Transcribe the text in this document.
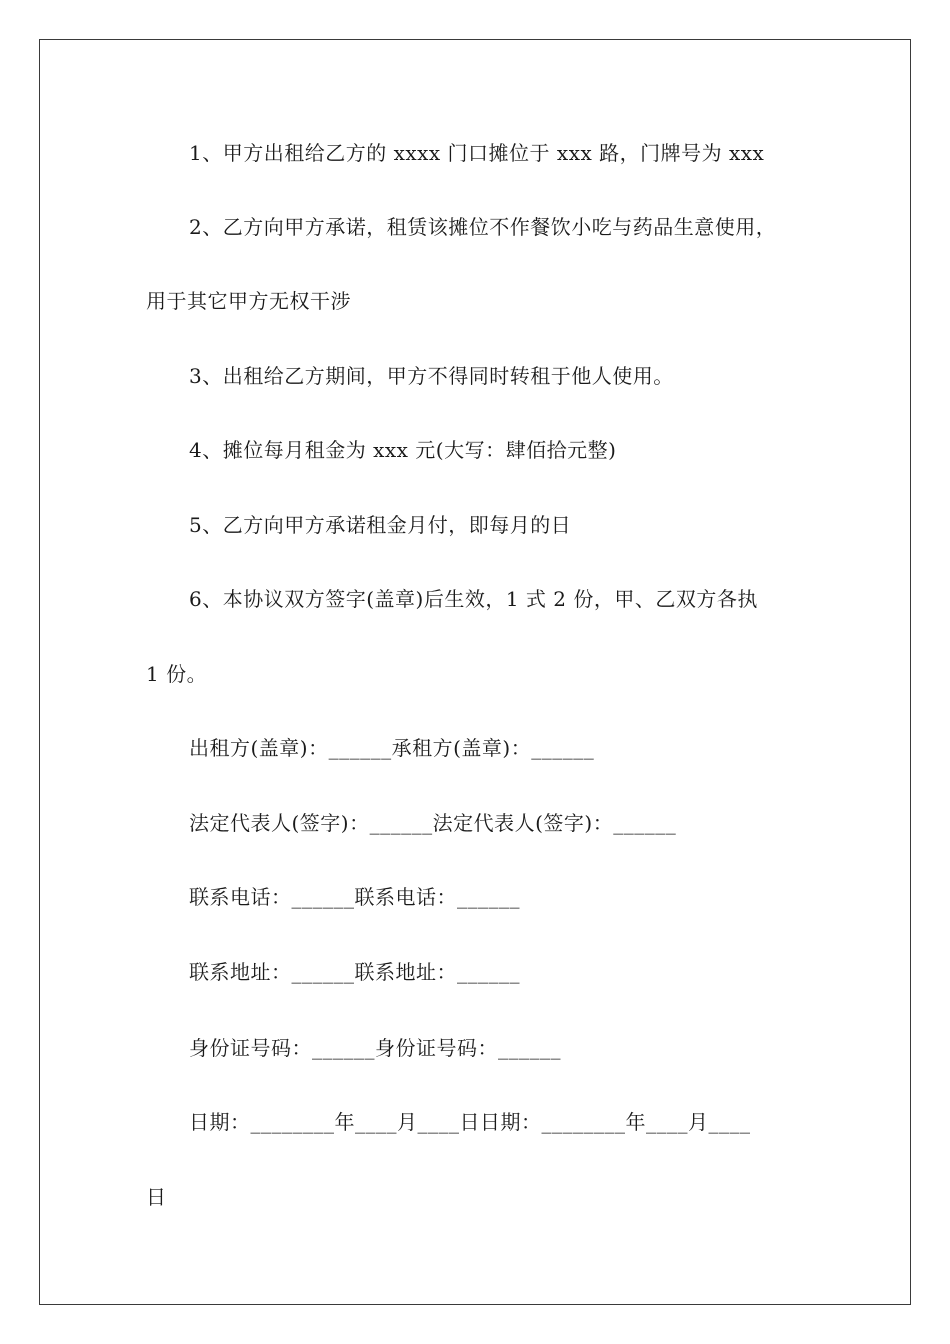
1、甲方出租给乙方的 xxxx 门口摊位于 xxx 路，门牌号为 xxx
2、乙方向甲方承诺，租赁该摊位不作餐饮小吃与药品生意使用，
用于其它甲方无权干涉
3、出租给乙方期间，甲方不得同时转租于他人使用。
4、摊位每月租金为 xxx 元(大写：肆佰拾元整)
5、乙方向甲方承诺租金月付，即每月的日
6、本协议双方签字(盖章)后生效，1 式 2 份，甲、乙双方各执
1 份。
出租方(盖章)：______承租方(盖章)：______
法定代表人(签字)：______法定代表人(签字)：______
联系电话：______联系电话：______
联系地址：______联系地址：______
身份证号码：______身份证号码：______
日期：________年____月____日日期：________年____月____
日
